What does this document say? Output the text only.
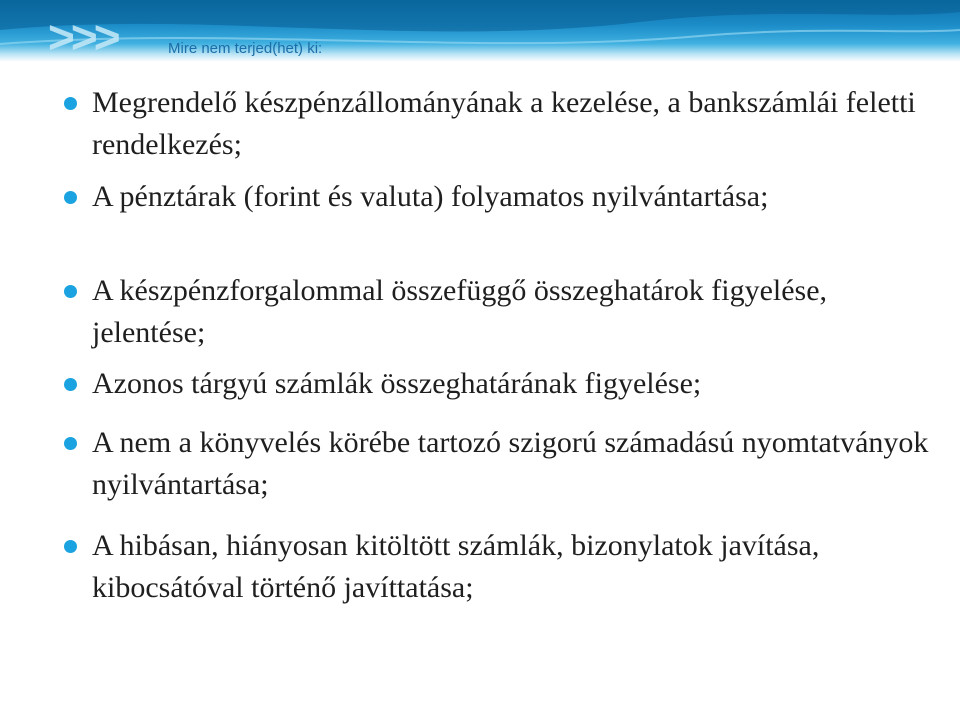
>>>	Mire nem terjed(het) ki:
Megrendelő készpénzállományának a kezelése, a bankszámlái feletti rendelkezés;
A pénztárak (forint és valuta) folyamatos nyilvántartása;
A készpénzforgalommal összefüggő összeghatárok figyelése, jelentése;
Azonos tárgyú számlák összeghatárának figyelése;
A nem a könyvelés körébe tartozó szigorú számadású nyomtatványok nyilvántartása;
A hibásan, hiányosan kitöltött számlák, bizonylatok javítása, kibocsátóval történő javíttatása;
